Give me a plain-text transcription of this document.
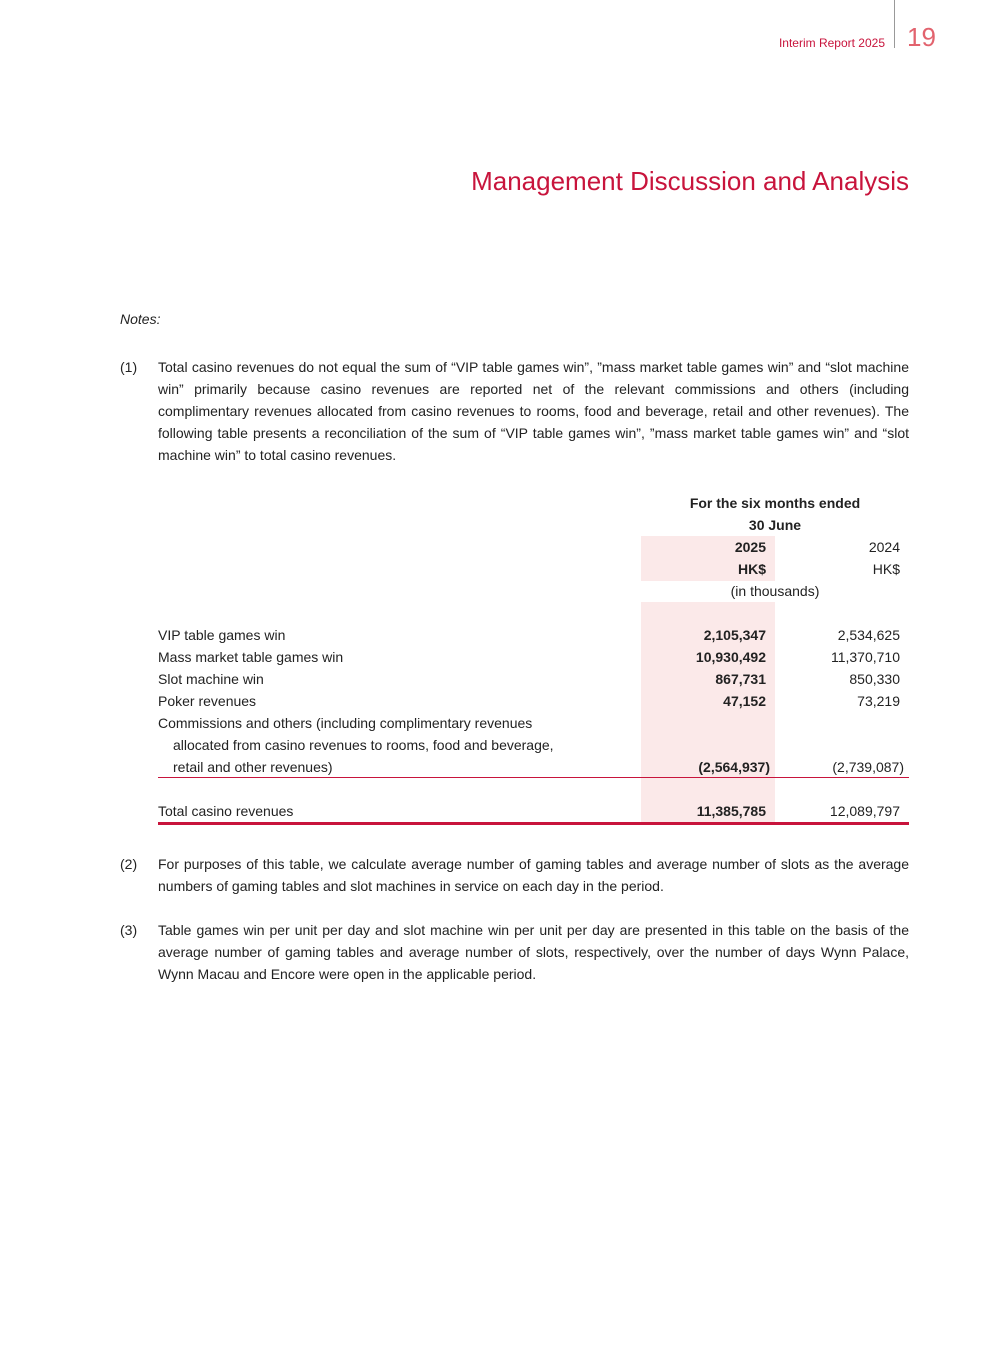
Interim Report 2025 19
Management Discussion and Analysis
Notes:
(1) Total casino revenues do not equal the sum of “VIP table games win”, ”mass market table games win” and “slot machine win” primarily because casino revenues are reported net of the relevant commissions and others (including complimentary revenues allocated from casino revenues to rooms, food and beverage, retail and other revenues). The following table presents a reconciliation of the sum of “VIP table games win”, ”mass market table games win” and “slot machine win” to total casino revenues.
For the six months ended
30 June
2025	2024
HK$	HK$
(in thousands)
VIP table games win	2,105,347	2,534,625
Mass market table games win	10,930,492	11,370,710
Slot machine win	867,731	850,330
Poker revenues	47,152	73,219
Commissions and others (including complimentary revenues
allocated from casino revenues to rooms, food and beverage,
retail and other revenues)	(2,564,937)	(2,739,087)
Total casino revenues	11,385,785	12,089,797
(2) For purposes of this table, we calculate average number of gaming tables and average number of slots as the average numbers of gaming tables and slot machines in service on each day in the period.
(3) Table games win per unit per day and slot machine win per unit per day are presented in this table on the basis of the average number of gaming tables and average number of slots, respectively, over the number of days Wynn Palace, Wynn Macau and Encore were open in the applicable period.
